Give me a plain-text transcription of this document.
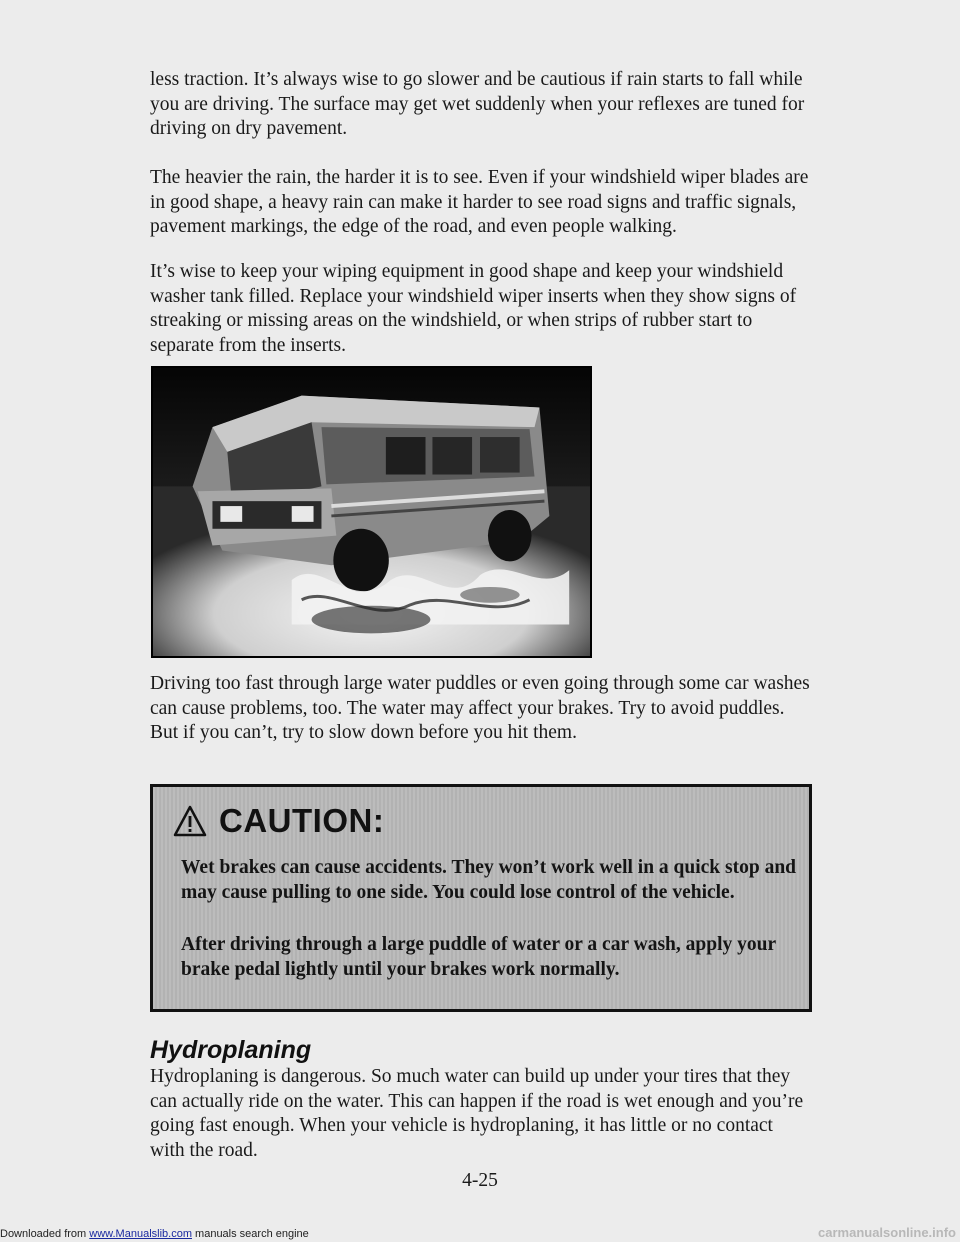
less traction. It’s always wise to go slower and be cautious if rain starts to fall while you are driving. The surface may get wet suddenly when your reflexes are tuned for driving on dry pavement.

The heavier the rain, the harder it is to see. Even if your windshield wiper blades are in good shape, a heavy rain can make it harder to see road signs and traffic signals, pavement markings, the edge of the road, and even people walking.

It’s wise to keep your wiping equipment in good shape and keep your windshield washer tank filled. Replace your windshield wiper inserts when they show signs of streaking or missing areas on the windshield, or when strips of rubber start to separate from the inserts.

Driving too fast through large water puddles or even going through some car washes can cause problems, too. The water may affect your brakes. Try to avoid puddles. But if you can’t, try to slow down before you hit them.

CAUTION:

Wet brakes can cause accidents. They won’t work well in a quick stop and may cause pulling to one side. You could lose control of the vehicle.

After driving through a large puddle of water or a car wash, apply your brake pedal lightly until your brakes work normally.

Hydroplaning

Hydroplaning is dangerous. So much water can build up under your tires that they can actually ride on the water. This can happen if the road is wet enough and you’re going fast enough. When your vehicle is hydroplaning, it has little or no contact with the road.

4-25

Downloaded from www.Manualslib.com manuals search engine	carmanualsonline.info
